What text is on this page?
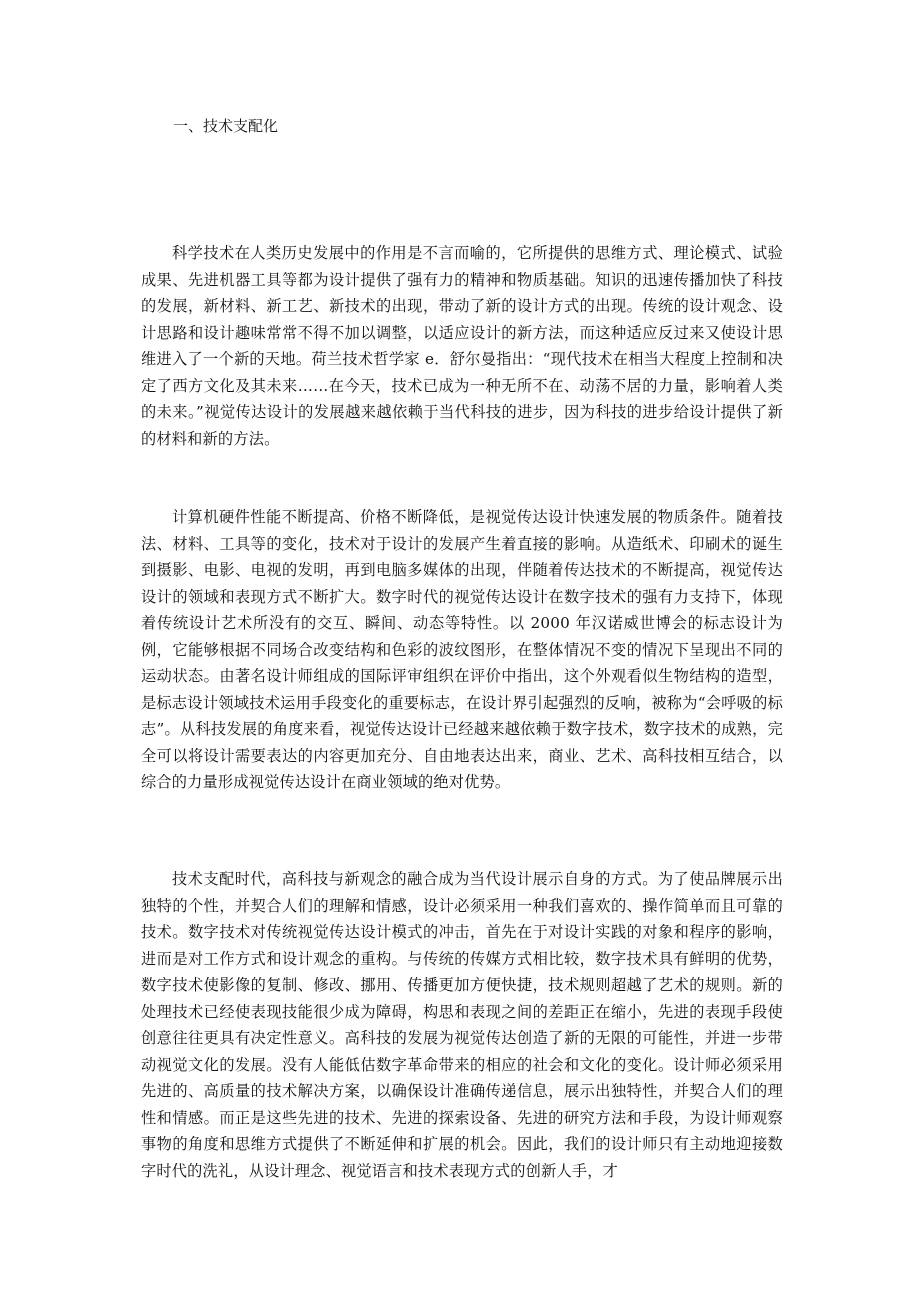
一、技术支配化

科学技术在人类历史发展中的作用是不言而喻的，它所提供的思维方式、理论模式、试验成果、先进机器工具等都为设计提供了强有力的精神和物质基础。知识的迅速传播加快了科技的发展，新材料、新工艺、新技术的出现，带动了新的设计方式的出现。传统的设计观念、设计思路和设计趣味常常不得不加以调整，以适应设计的新方法，而这种适应反过来又使设计思维进入了一个新的天地。荷兰技术哲学家 e．舒尔曼指出：“现代技术在相当大程度上控制和决定了西方文化及其未来……在今天，技术已成为一种无所不在、动荡不居的力量，影响着人类的未来。”视觉传达设计的发展越来越依赖于当代科技的进步，因为科技的进步给设计提供了新的材料和新的方法。

计算机硬件性能不断提高、价格不断降低，是视觉传达设计快速发展的物质条件。随着技法、材料、工具等的变化，技术对于设计的发展产生着直接的影响。从造纸术、印刷术的诞生到摄影、电影、电视的发明，再到电脑多媒体的出现，伴随着传达技术的不断提高，视觉传达设计的领域和表现方式不断扩大。数字时代的视觉传达设计在数字技术的强有力支持下，体现着传统设计艺术所没有的交互、瞬间、动态等特性。以 2000 年汉诺威世博会的标志设计为例，它能够根据不同场合改变结构和色彩的波纹图形，在整体情况不变的情况下呈现出不同的运动状态。由著名设计师组成的国际评审组织在评价中指出，这个外观看似生物结构的造型，是标志设计领域技术运用手段变化的重要标志，在设计界引起强烈的反响，被称为“会呼吸的标志”。从科技发展的角度来看，视觉传达设计已经越来越依赖于数字技术，数字技术的成熟，完全可以将设计需要表达的内容更加充分、自由地表达出来，商业、艺术、高科技相互结合，以综合的力量形成视觉传达设计在商业领域的绝对优势。

技术支配时代，高科技与新观念的融合成为当代设计展示自身的方式。为了使品牌展示出独特的个性，并契合人们的理解和情感，设计必须采用一种我们喜欢的、操作简单而且可靠的技术。数字技术对传统视觉传达设计模式的冲击，首先在于对设计实践的对象和程序的影响，进而是对工作方式和设计观念的重构。与传统的传媒方式相比较，数字技术具有鲜明的优势，数字技术使影像的复制、修改、挪用、传播更加方便快捷，技术规则超越了艺术的规则。新的处理技术已经使表现技能很少成为障碍，构思和表现之间的差距正在缩小，先进的表现手段使创意往往更具有决定性意义。高科技的发展为视觉传达创造了新的无限的可能性，并进一步带动视觉文化的发展。没有人能低估数字革命带来的相应的社会和文化的变化。设计师必须采用先进的、高质量的技术解决方案，以确保设计准确传递信息，展示出独特性，并契合人们的理性和情感。而正是这些先进的技术、先进的探索设备、先进的研究方法和手段，为设计师观察事物的角度和思维方式提供了不断延伸和扩展的机会。因此，我们的设计师只有主动地迎接数字时代的洗礼，从设计理念、视觉语言和技术表现方式的创新人手，才
